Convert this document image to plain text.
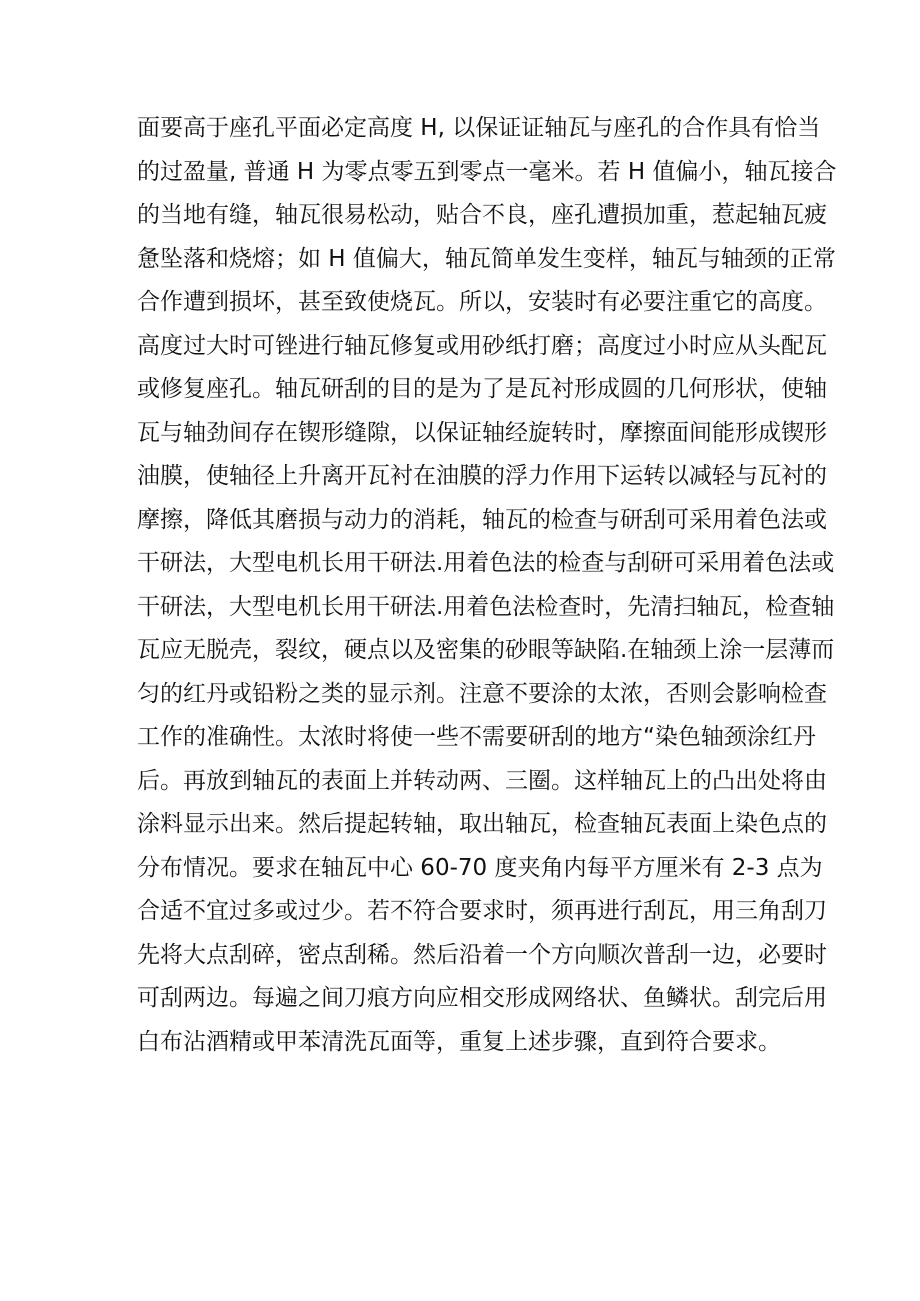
面要高于座孔平面必定高度 H, 以保证证轴瓦与座孔的合作具有恰当
的过盈量, 普通 H 为零点零五到零点一毫米。若 H 值偏小，轴瓦接合
的当地有缝，轴瓦很易松动，贴合不良，座孔遭损加重，惹起轴瓦疲
惫坠落和烧熔；如 H 值偏大，轴瓦简单发生变样，轴瓦与轴颈的正常
合作遭到损坏，甚至致使烧瓦。所以，安装时有必要注重它的高度。
高度过大时可锉进行轴瓦修复或用砂纸打磨；高度过小时应从头配瓦
或修复座孔。轴瓦研刮的目的是为了是瓦衬形成圆的几何形状，使轴
瓦与轴劲间存在锲形缝隙，以保证轴经旋转时，摩擦面间能形成锲形
油膜，使轴径上升离开瓦衬在油膜的浮力作用下运转以减轻与瓦衬的
摩擦，降低其磨损与动力的消耗，轴瓦的检查与研刮可采用着色法或
干研法，大型电机长用干研法.用着色法的检查与刮研可采用着色法或
干研法，大型电机长用干研法.用着色法检查时，先清扫轴瓦，检查轴
瓦应无脱壳，裂纹，硬点以及密集的砂眼等缺陷.在轴颈上涂一层薄而
匀的红丹或铅粉之类的显示剂。注意不要涂的太浓，否则会影响检查
工作的准确性。太浓时将使一些不需要研刮的地方“染色轴颈涂红丹
后。再放到轴瓦的表面上并转动两、三圈。这样轴瓦上的凸出处将由
涂料显示出来。然后提起转轴，取出轴瓦，检查轴瓦表面上染色点的
分布情况。要求在轴瓦中心 60-70 度夹角内每平方厘米有 2-3 点为
合适不宜过多或过少。若不符合要求时，须再进行刮瓦，用三角刮刀
先将大点刮碎，密点刮稀。然后沿着一个方向顺次普刮一边，必要时
可刮两边。每遍之间刀痕方向应相交形成网络状、鱼鳞状。刮完后用
白布沾酒精或甲苯清洗瓦面等，重复上述步骤，直到符合要求。
